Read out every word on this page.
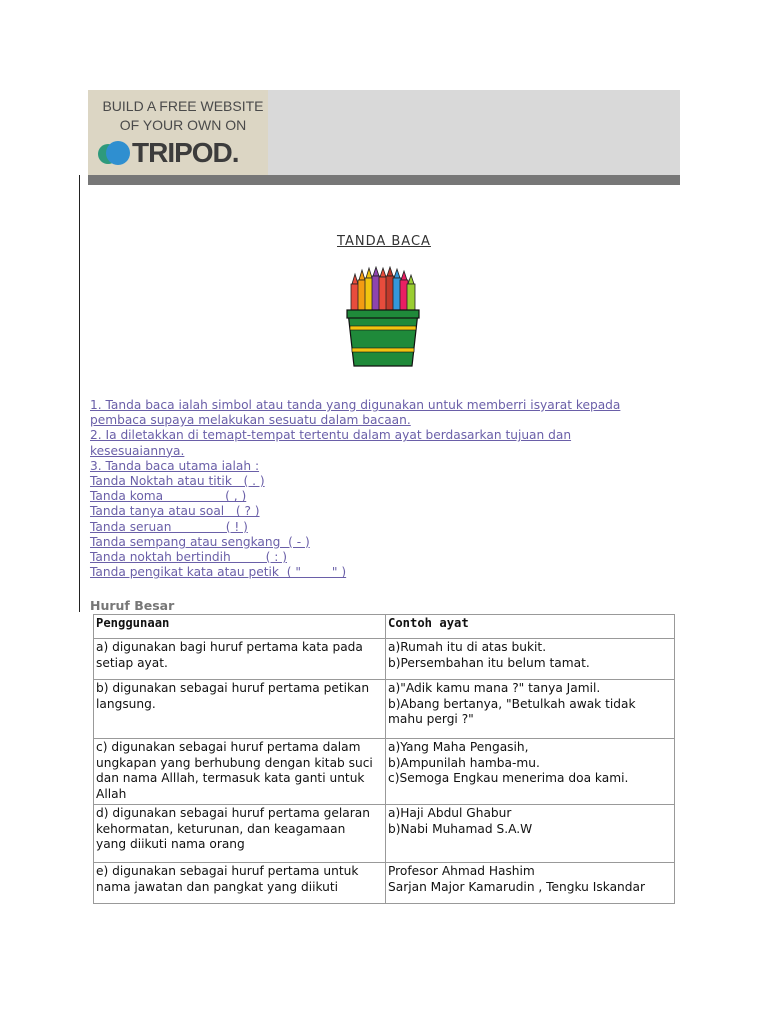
BUILD A FREE WEBSITE
OF YOUR OWN ON
TRIPOD.
TANDA BACA
1. Tanda baca ialah simbol atau tanda yang digunakan untuk memberri isyarat kepada
pembaca supaya melakukan sesuatu dalam bacaan.
2. Ia diletakkan di temapt-tempat tertentu dalam ayat berdasarkan tujuan dan
kesesuaiannya.
3. Tanda baca utama ialah :
Tanda Noktah atau titik   ( . )
Tanda koma                ( , )
Tanda tanya atau soal   ( ? )
Tanda seruan              ( ! )
Tanda sempang atau sengkang  ( - )
Tanda noktah bertindih         ( : )
Tanda pengikat kata atau petik  ( "        " )
Huruf Besar
Penggunaan	Contoh ayat

a) digunakan bagi huruf pertama kata pada
setiap ayat.	a)Rumah itu di atas bukit.
b)Persembahan itu belum tamat.

b) digunakan sebagai huruf pertama petikan
langsung.	a)"Adik kamu mana ?" tanya Jamil.
b)Abang bertanya, "Betulkah awak tidak
mahu pergi ?"

c) digunakan sebagai huruf pertama dalam
ungkapan yang berhubung dengan kitab suci
dan nama Alllah, termasuk kata ganti untuk
Allah	a)Yang Maha Pengasih,
b)Ampunilah hamba-mu.
c)Semoga Engkau menerima doa kami.

d) digunakan sebagai huruf pertama gelaran
kehormatan, keturunan, dan keagamaan
yang diikuti nama orang	a)Haji Abdul Ghabur
b)Nabi Muhamad S.A.W

e) digunakan sebagai huruf pertama untuk
nama jawatan dan pangkat yang diikuti	Profesor Ahmad Hashim
Sarjan Major Kamarudin , Tengku Iskandar
